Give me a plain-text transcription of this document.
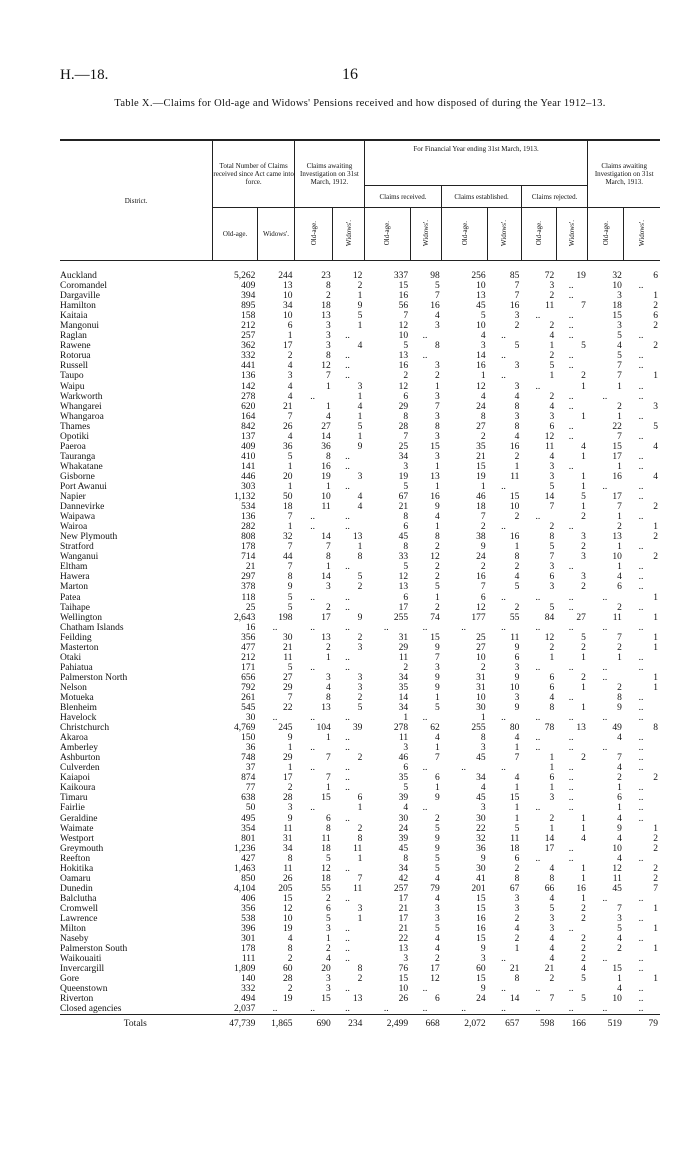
H.—18.	16
Table X.—Claims for Old-age and Widows' Pensions received and how disposed of during the Year 1912–13.
District.	Total Number of Claims received since Act came into force.		Claims awaiting Investigation on 31st March, 1912.		For Financial Year ending 31st March, 1913.						Claims awaiting Investigation on 31st March, 1913.	
					Claims received.		Claims established.		Claims rejected.			
	Old-age.	Widows'.	Old-age.	Widows'.	Old-age.	Widows'.	Old-age.	Widows'.	Old-age.	Widows'.	Old-age.	Widows'.

Auckland	5,262	244	23	12	337	98	256	85	72	19	32	6
Coromandel	409	13	8	2	15	5	10	7	3	..	10	..
Dargaville	394	10	2	1	16	7	13	7	2	..	3	1
Hamilton	895	34	18	9	56	16	45	16	11	7	18	2
Kaitaia	158	10	13	5	7	4	5	3	..	..	15	6
Mangonui	212	6	3	1	12	3	10	2	2	..	3	2
Raglan	257	1	3	..	10	..	4	..	4	..	5	..
Rawene	362	17	3	4	5	8	3	5	1	5	4	2
Rotorua	332	2	8	..	13	..	14	..	2	..	5	..
Russell	441	4	12	..	16	3	16	3	5	..	7	..
Taupo	136	3	7	..	2	2	1	..	1	2	7	1
Waipu	142	4	1	3	12	1	12	3	..	1	1	..
Warkworth	278	4	..	1	6	3	4	4	2	..	..	..
Whangarei	620	21	1	4	29	7	24	8	4	..	2	3
Whangaroa	164	7	4	1	8	3	8	3	3	1	1	..
Thames	842	26	27	5	28	8	27	8	6	..	22	5
Opotiki	137	4	14	1	7	3	2	4	12	..	7	..
Paeroa	409	36	36	9	25	15	35	16	11	4	15	4
Tauranga	410	5	8	..	34	3	21	2	4	1	17	..
Whakatane	141	1	16	..	3	1	15	1	3	..	1	..
Gisborne	446	20	19	3	19	13	19	11	3	1	16	4
Port Awanui	303	1	1	..	5	1	1	..	5	1	..	..
Napier	1,132	50	10	4	67	16	46	15	14	5	17	..
Dannevirke	534	18	11	4	21	9	18	10	7	1	7	2
Waipawa	136	7	..	..	8	4	7	2	..	2	1	..
Wairoa	282	1	..	..	6	1	2	..	2	..	2	1
New Plymouth	808	32	14	13	45	8	38	16	8	3	13	2
Stratford	178	7	7	1	8	2	9	1	5	2	1	..
Wanganui	714	44	8	8	33	12	24	8	7	3	10	2
Eltham	21	7	1	..	5	2	2	2	3	..	1	..
Hawera	297	8	14	5	12	2	16	4	6	3	4	..
Marton	378	9	3	2	13	5	7	5	3	2	6	..
Patea	118	5	..	..	6	1	6	..	..	..	..	1
Taihape	25	5	2	..	17	2	12	2	5	..	2	..
Wellington	2,643	198	17	9	255	74	177	55	84	27	11	1
Chatham Islands	16	..	..	..	..	..	..	..	..	..	..	..
Feilding	356	30	13	2	31	15	25	11	12	5	7	1
Masterton	477	21	2	3	29	9	27	9	2	2	2	1
Otaki	212	11	1	..	11	7	10	6	1	1	1	..
Pahiatua	171	5	..	..	2	3	2	3	..	..	..	..
Palmerston North	656	27	3	3	34	9	31	9	6	2	..	1
Nelson	792	29	4	3	35	9	31	10	6	1	2	1
Motueka	261	7	8	2	14	1	10	3	4	..	8	..
Blenheim	545	22	13	5	34	5	30	9	8	1	9	..
Havelock	30	..	..	..	1	..	1	..	..	..	..	..
Christchurch	4,769	245	104	39	278	62	255	80	78	13	49	8
Akaroa	150	9	1	..	11	4	8	4	..	..	4	..
Amberley	36	1	..	..	3	1	3	1	..	..	..	..
Ashburton	748	29	7	2	46	7	45	7	1	2	7	..
Culverden	37	1	..	..	6	..	..	..	1	..	4	..
Kaiapoi	874	17	7	..	35	6	34	4	6	..	2	2
Kaikoura	77	2	1	..	5	1	4	1	1	..	1	..
Timaru	638	28	15	6	39	9	45	15	3	..	6	..
Fairlie	50	3	..	1	4	..	3	1	..	..	1	..
Geraldine	495	9	6	..	30	2	30	1	2	1	4	..
Waimate	354	11	8	2	24	5	22	5	1	1	9	1
Westport	801	31	11	8	39	9	32	11	14	4	4	2
Greymouth	1,236	34	18	11	45	9	36	18	17	..	10	2
Reefton	427	8	5	1	8	5	9	6	..	..	4	..
Hokitika	1,463	11	12	..	34	5	30	2	4	1	12	2
Oamaru	850	26	18	7	42	4	41	8	8	1	11	2
Dunedin	4,104	205	55	11	257	79	201	67	66	16	45	7
Balclutha	406	15	2	..	17	4	15	3	4	1	..	..
Cromwell	356	12	6	3	21	3	15	3	5	2	7	1
Lawrence	538	10	5	1	17	3	16	2	3	2	3	..
Milton	396	19	3	..	21	5	16	4	3	..	5	1
Naseby	301	4	1	..	22	4	15	2	4	2	4	..
Palmerston South	178	8	2	..	13	4	9	1	4	2	2	1
Waikouaiti	111	2	4	..	3	2	3	..	4	2	..	..
Invercargill	1,809	60	20	8	76	17	60	21	21	4	15	..
Gore	140	28	3	2	15	12	15	8	2	5	1	1
Queenstown	332	2	3	..	10	..	9	..	..	..	4	..
Riverton	494	19	15	13	26	6	24	14	7	5	10	..
Closed agencies	2,037	..	..	..	..	..	..	..	..	..	..	..
Totals	47,739	1,865	690	234	2,499	668	2,072	657	598	166	519	79
